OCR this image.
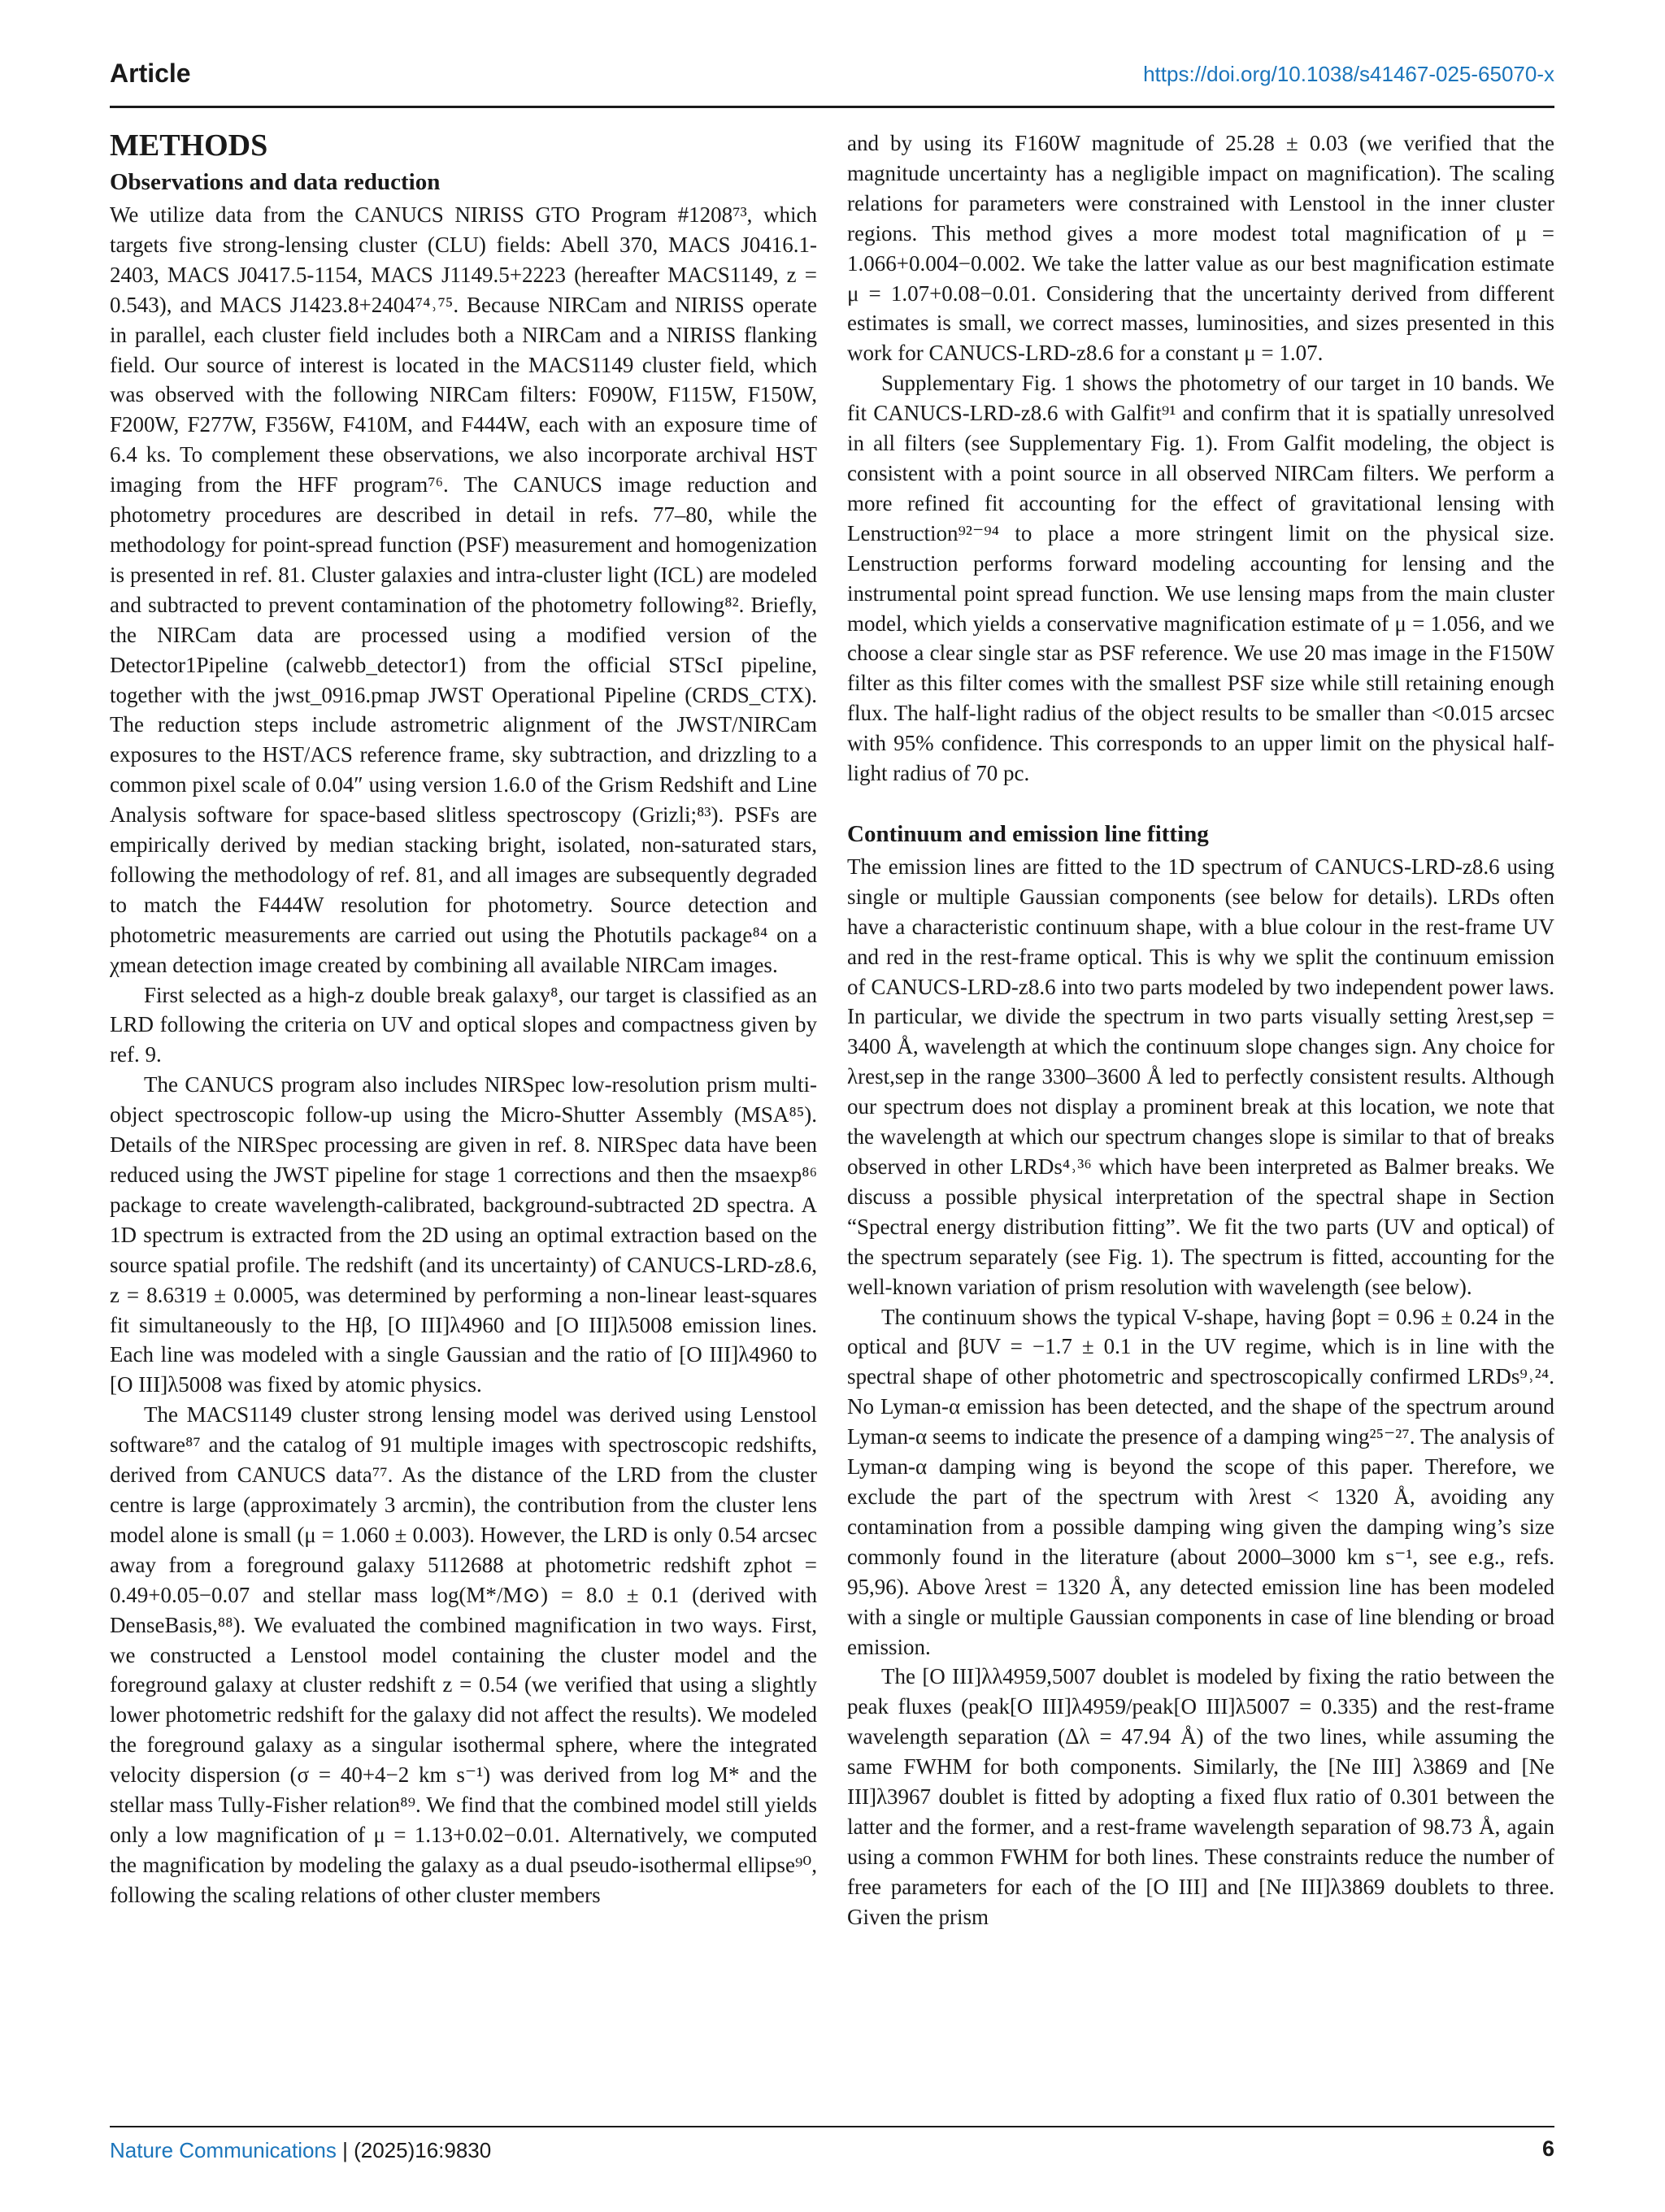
Article	https://doi.org/10.1038/s41467-025-65070-x
METHODS
Observations and data reduction

We utilize data from the CANUCS NIRISS GTO Program #1208⁷³, which targets five strong-lensing cluster (CLU) fields: Abell 370, MACS J0416.1-2403, MACS J0417.5-1154, MACS J1149.5+2223 (hereafter MACS1149, z = 0.543), and MACS J1423.8+2404⁷⁴˒⁷⁵. Because NIRCam and NIRISS operate in parallel, each cluster field includes both a NIRCam and a NIRISS flanking field. Our source of interest is located in the MACS1149 cluster field, which was observed with the following NIRCam filters: F090W, F115W, F150W, F200W, F277W, F356W, F410M, and F444W, each with an exposure time of 6.4 ks. To complement these observations, we also incorporate archival HST imaging from the HFF program⁷⁶. The CANUCS image reduction and photometry procedures are described in detail in refs. 77–80, while the methodology for point-spread function (PSF) measurement and homogenization is presented in ref. 81. Cluster galaxies and intra-cluster light (ICL) are modeled and subtracted to prevent contamination of the photometry following⁸². Briefly, the NIRCam data are processed using a modified version of the Detector1Pipeline (calwebb_detector1) from the official STScI pipeline, together with the jwst_0916.pmap JWST Operational Pipeline (CRDS_CTX). The reduction steps include astrometric alignment of the JWST/NIRCam exposures to the HST/ACS reference frame, sky subtraction, and drizzling to a common pixel scale of 0.04″ using version 1.6.0 of the Grism Redshift and Line Analysis software for space-based slitless spectroscopy (Grizli;⁸³). PSFs are empirically derived by median stacking bright, isolated, non-saturated stars, following the methodology of ref. 81, and all images are subsequently degraded to match the F444W resolution for photometry. Source detection and photometric measurements are carried out using the Photutils package⁸⁴ on a χmean detection image created by combining all available NIRCam images.

First selected as a high-z double break galaxy⁸, our target is classified as an LRD following the criteria on UV and optical slopes and compactness given by ref. 9.

The CANUCS program also includes NIRSpec low-resolution prism multi-object spectroscopic follow-up using the Micro-Shutter Assembly (MSA⁸⁵). Details of the NIRSpec processing are given in ref. 8. NIRSpec data have been reduced using the JWST pipeline for stage 1 corrections and then the msaexp⁸⁶ package to create wavelength-calibrated, background-subtracted 2D spectra. A 1D spectrum is extracted from the 2D using an optimal extraction based on the source spatial profile. The redshift (and its uncertainty) of CANUCS-LRD-z8.6, z = 8.6319 ± 0.0005, was determined by performing a non-linear least-squares fit simultaneously to the Hβ, [O III]λ4960 and [O III]λ5008 emission lines. Each line was modeled with a single Gaussian and the ratio of [O III]λ4960 to [O III]λ5008 was fixed by atomic physics.

The MACS1149 cluster strong lensing model was derived using Lenstool software⁸⁷ and the catalog of 91 multiple images with spectroscopic redshifts, derived from CANUCS data⁷⁷. As the distance of the LRD from the cluster centre is large (approximately 3 arcmin), the contribution from the cluster lens model alone is small (μ = 1.060 ± 0.003). However, the LRD is only 0.54 arcsec away from a foreground galaxy 5112688 at photometric redshift zphot = 0.49+0.05−0.07 and stellar mass log(M*/M⊙) = 8.0 ± 0.1 (derived with DenseBasis,⁸⁸). We evaluated the combined magnification in two ways. First, we constructed a Lenstool model containing the cluster model and the foreground galaxy at cluster redshift z = 0.54 (we verified that using a slightly lower photometric redshift for the galaxy did not affect the results). We modeled the foreground galaxy as a singular isothermal sphere, where the integrated velocity dispersion (σ = 40+4−2 km s⁻¹) was derived from log M* and the stellar mass Tully-Fisher relation⁸⁹. We find that the combined model still yields only a low magnification of μ = 1.13+0.02−0.01. Alternatively, we computed the magnification by modeling the galaxy as a dual pseudo-isothermal ellipse⁹⁰, following the scaling relations of other cluster members

and by using its F160W magnitude of 25.28 ± 0.03 (we verified that the magnitude uncertainty has a negligible impact on magnification). The scaling relations for parameters were constrained with Lenstool in the inner cluster regions. This method gives a more modest total magnification of μ = 1.066+0.004−0.002. We take the latter value as our best magnification estimate μ = 1.07+0.08−0.01. Considering that the uncertainty derived from different estimates is small, we correct masses, luminosities, and sizes presented in this work for CANUCS-LRD-z8.6 for a constant μ = 1.07.

Supplementary Fig. 1 shows the photometry of our target in 10 bands. We fit CANUCS-LRD-z8.6 with Galfit⁹¹ and confirm that it is spatially unresolved in all filters (see Supplementary Fig. 1). From Galfit modeling, the object is consistent with a point source in all observed NIRCam filters. We perform a more refined fit accounting for the effect of gravitational lensing with Lenstruction⁹²⁻⁹⁴ to place a more stringent limit on the physical size. Lenstruction performs forward modeling accounting for lensing and the instrumental point spread function. We use lensing maps from the main cluster model, which yields a conservative magnification estimate of μ = 1.056, and we choose a clear single star as PSF reference. We use 20 mas image in the F150W filter as this filter comes with the smallest PSF size while still retaining enough flux. The half-light radius of the object results to be smaller than <0.015 arcsec with 95% confidence. This corresponds to an upper limit on the physical half-light radius of 70 pc.

Continuum and emission line fitting

The emission lines are fitted to the 1D spectrum of CANUCS-LRD-z8.6 using single or multiple Gaussian components (see below for details). LRDs often have a characteristic continuum shape, with a blue colour in the rest-frame UV and red in the rest-frame optical. This is why we split the continuum emission of CANUCS-LRD-z8.6 into two parts modeled by two independent power laws. In particular, we divide the spectrum in two parts visually setting λrest,sep = 3400 Å, wavelength at which the continuum slope changes sign. Any choice for λrest,sep in the range 3300–3600 Å led to perfectly consistent results. Although our spectrum does not display a prominent break at this location, we note that the wavelength at which our spectrum changes slope is similar to that of breaks observed in other LRDs⁴˒³⁶ which have been interpreted as Balmer breaks. We discuss a possible physical interpretation of the spectral shape in Section “Spectral energy distribution fitting”. We fit the two parts (UV and optical) of the spectrum separately (see Fig. 1). The spectrum is fitted, accounting for the well-known variation of prism resolution with wavelength (see below).

The continuum shows the typical V-shape, having βopt = 0.96 ± 0.24 in the optical and βUV = −1.7 ± 0.1 in the UV regime, which is in line with the spectral shape of other photometric and spectroscopically confirmed LRDs⁹˒²⁴. No Lyman-α emission has been detected, and the shape of the spectrum around Lyman-α seems to indicate the presence of a damping wing²⁵⁻²⁷. The analysis of Lyman-α damping wing is beyond the scope of this paper. Therefore, we exclude the part of the spectrum with λrest < 1320 Å, avoiding any contamination from a possible damping wing given the damping wing’s size commonly found in the literature (about 2000–3000 km s⁻¹, see e.g., refs. 95,96). Above λrest = 1320 Å, any detected emission line has been modeled with a single or multiple Gaussian components in case of line blending or broad emission.

The [O III]λλ4959,5007 doublet is modeled by fixing the ratio between the peak fluxes (peak[O III]λ4959/peak[O III]λ5007 = 0.335) and the rest-frame wavelength separation (Δλ = 47.94 Å) of the two lines, while assuming the same FWHM for both components. Similarly, the [Ne III] λ3869 and [Ne III]λ3967 doublet is fitted by adopting a fixed flux ratio of 0.301 between the latter and the former, and a rest-frame wavelength separation of 98.73 Å, again using a common FWHM for both lines. These constraints reduce the number of free parameters for each of the [O III] and [Ne III]λ3869 doublets to three. Given the prism

Nature Communications | (2025)16:9830	6
